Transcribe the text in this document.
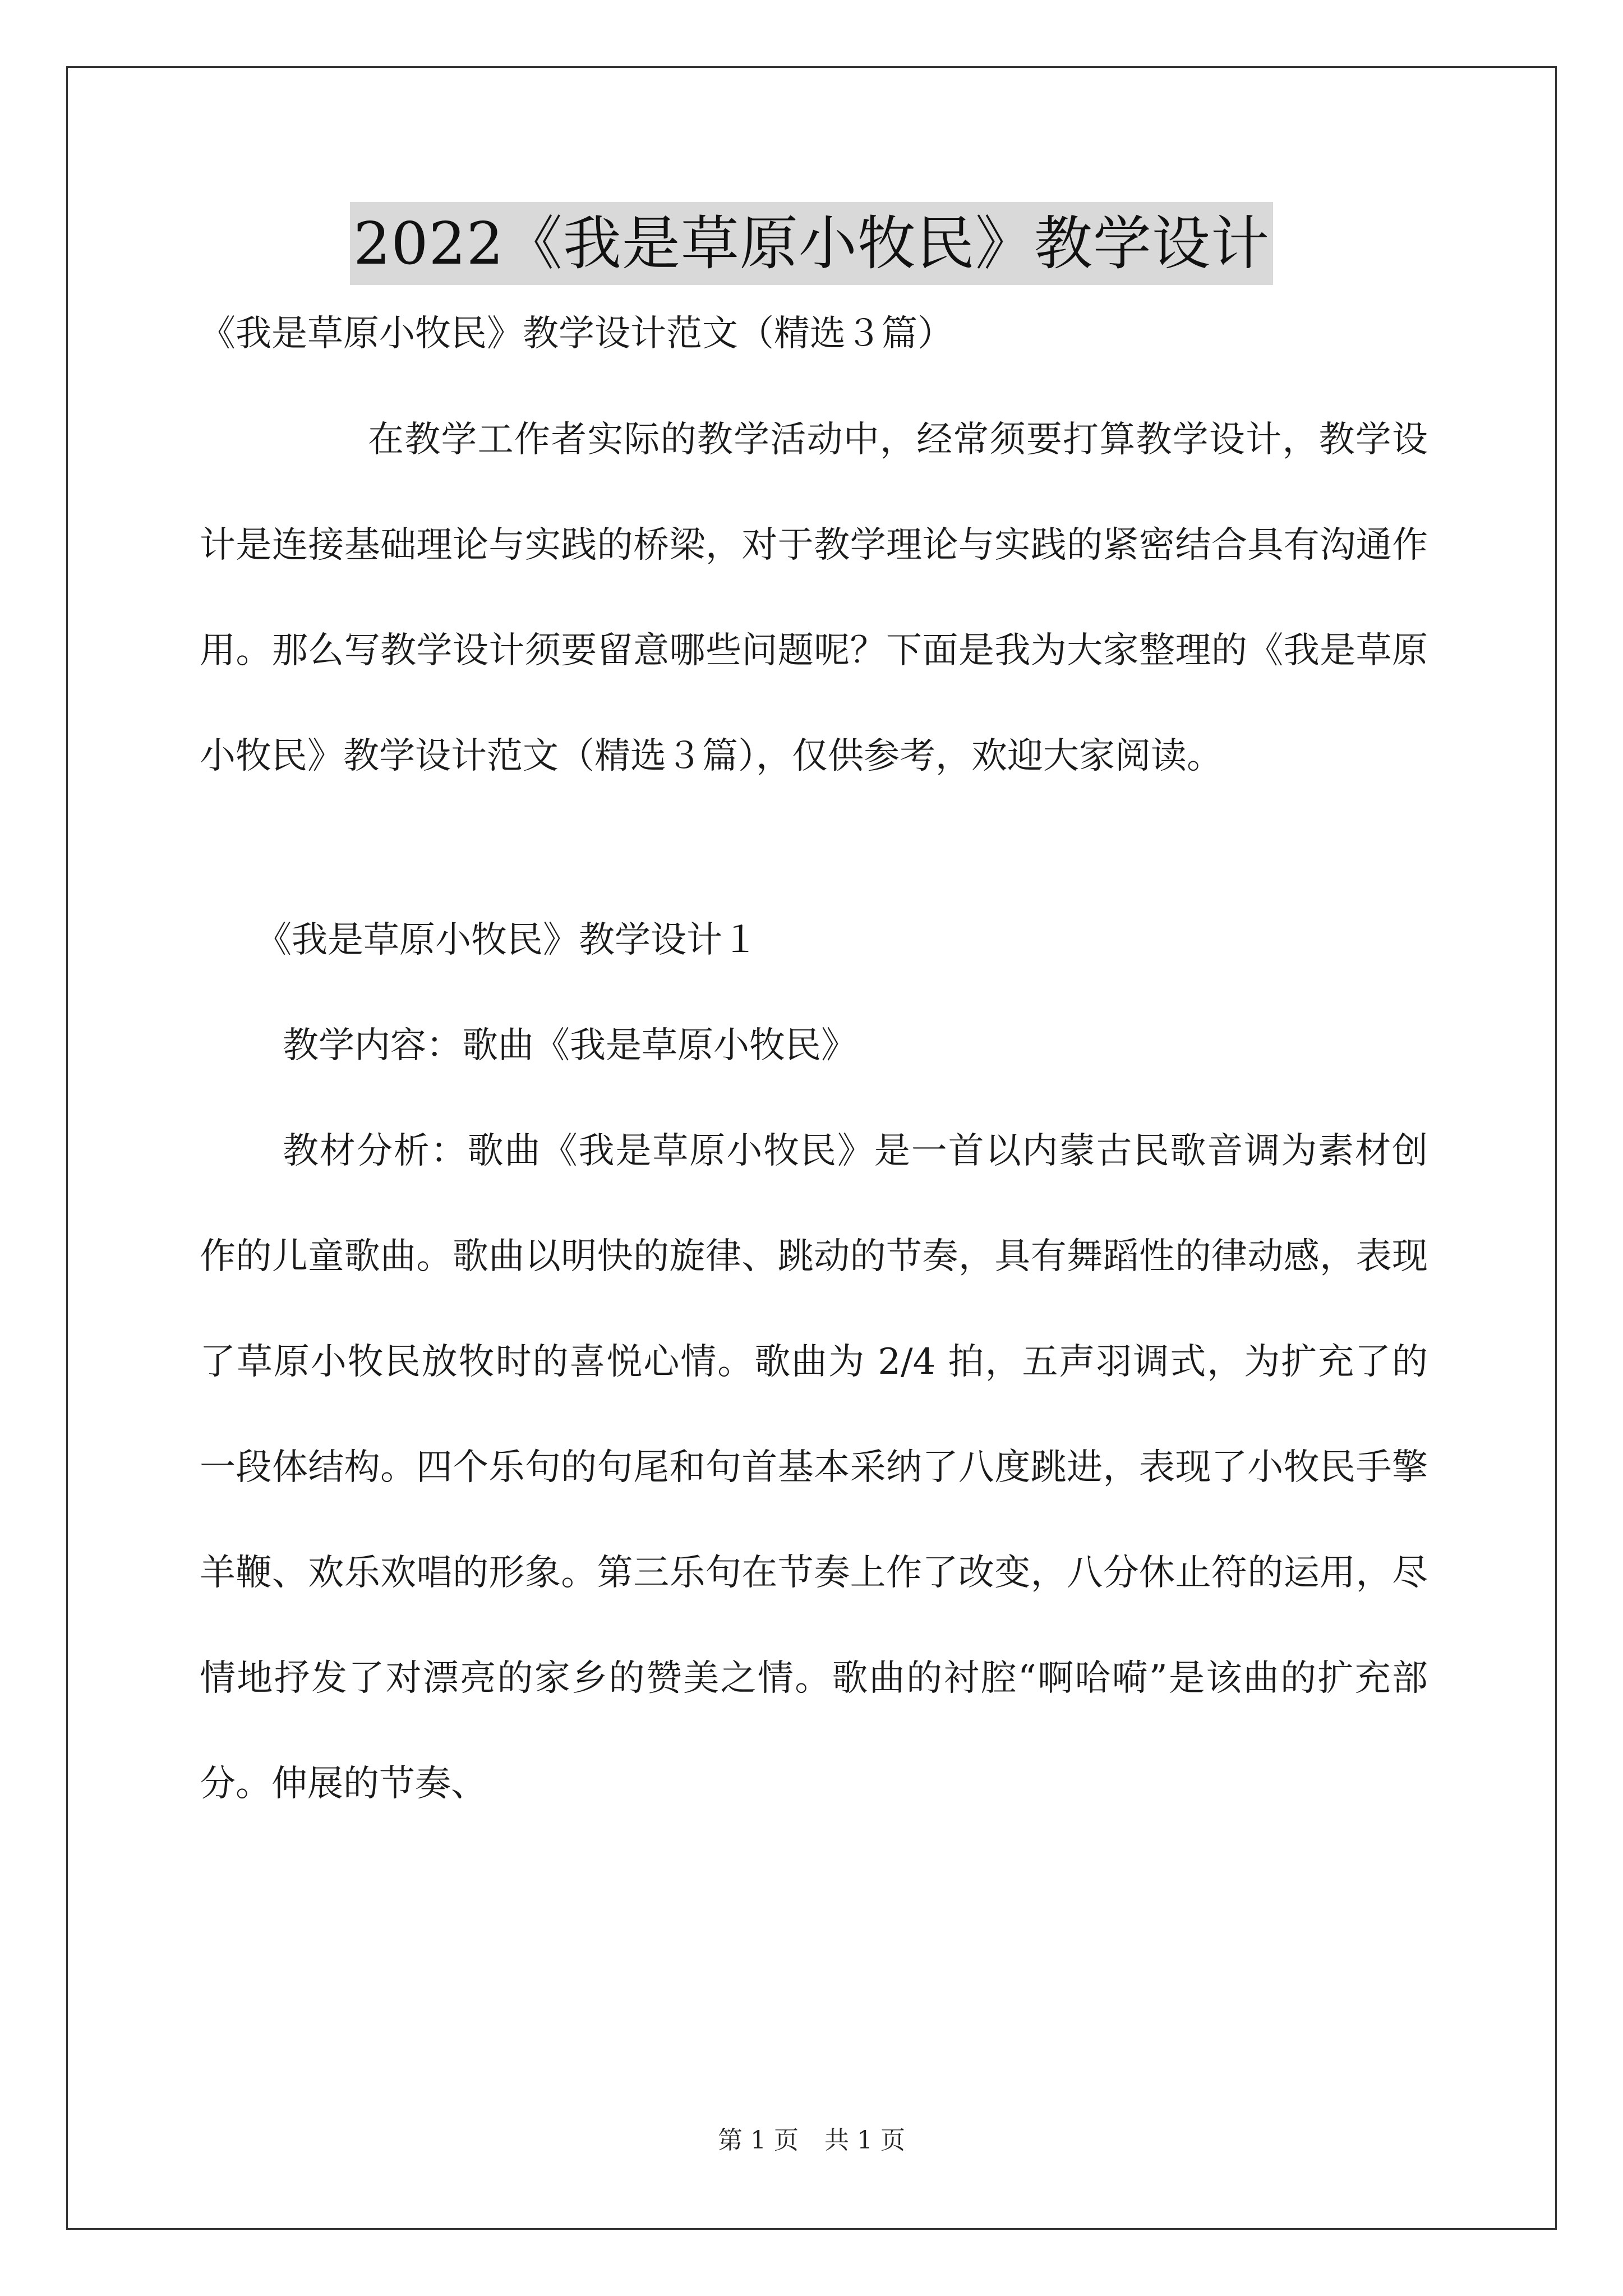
2022《我是草原小牧民》教学设计

《我是草原小牧民》教学设计范文（精选３篇）

在教学工作者实际的教学活动中，经常须要打算教学设计，教学设计是连接基础理论与实践的桥梁，对于教学理论与实践的紧密结合具有沟通作用。那么写教学设计须要留意哪些问题呢？下面是我为大家整理的《我是草原小牧民》教学设计范文（精选３篇），仅供参考，欢迎大家阅读。

《我是草原小牧民》教学设计１

教学内容：歌曲《我是草原小牧民》

教材分析：歌曲《我是草原小牧民》是一首以内蒙古民歌音调为素材创作的儿童歌曲。歌曲以明快的旋律、跳动的节奏，具有舞蹈性的律动感，表现了草原小牧民放牧时的喜悦心情。歌曲为 2/4 拍，五声羽调式，为扩充了的一段体结构。四个乐句的句尾和句首基本采纳了八度跳进，表现了小牧民手擎羊鞭、欢乐欢唱的形象。第三乐句在节奏上作了改变，八分休止符的运用，尽情地抒发了对漂亮的家乡的赞美之情。歌曲的衬腔“啊哈嗬”是该曲的扩充部分。伸展的节奏、

第 1 页 共 1 页
